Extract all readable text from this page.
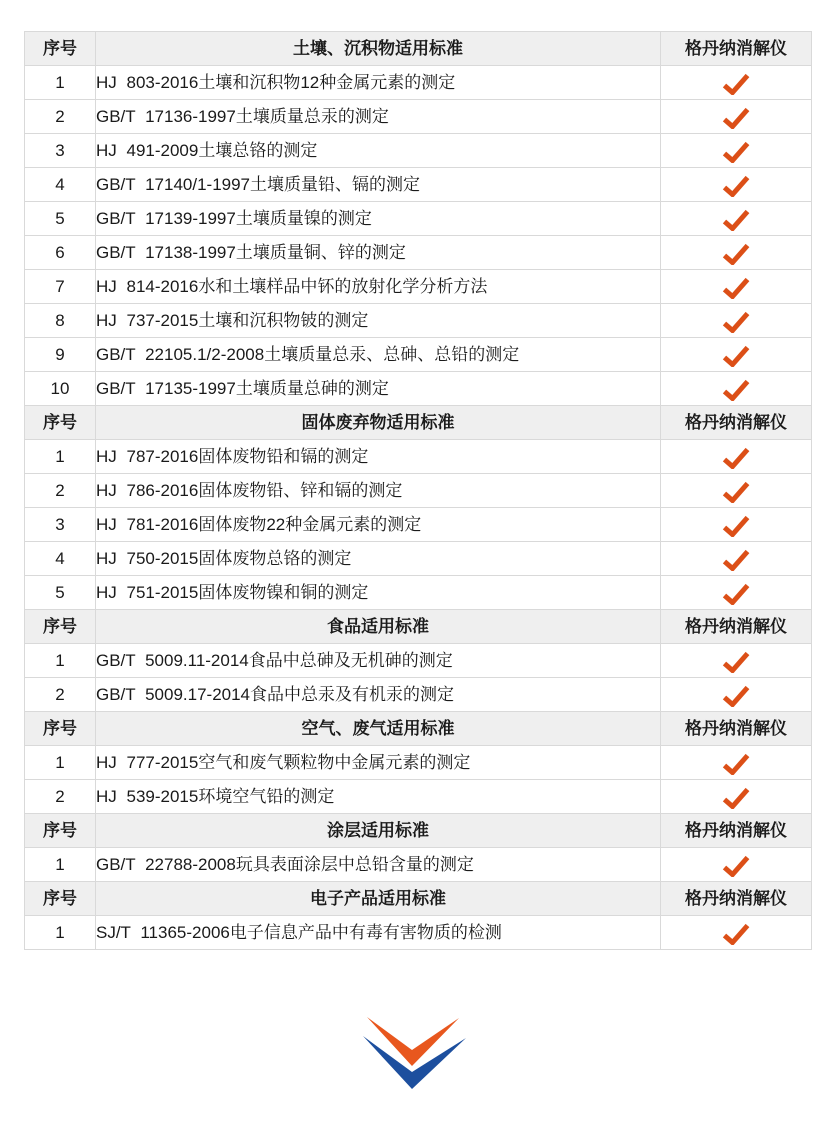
序号	土壤、沉积物适用标准	格丹纳消解仪
1	HJ 803-2016土壤和沉积物12种金属元素的测定	
2	GB/T 17136-1997土壤质量总汞的测定	
3	HJ 491-2009土壤总铬的测定	
4	GB/T 17140/1-1997土壤质量铅、镉的测定	
5	GB/T 17139-1997土壤质量镍的测定	
6	GB/T 17138-1997土壤质量铜、锌的测定	
7	HJ 814-2016水和土壤样品中钚的放射化学分析方法	
8	HJ 737-2015土壤和沉积物铍的测定	
9	GB/T 22105.1/2-2008土壤质量总汞、总砷、总铅的测定	
10	GB/T 17135-1997土壤质量总砷的测定	
序号	固体废弃物适用标准	格丹纳消解仪
1	HJ 787-2016固体废物铅和镉的测定	
2	HJ 786-2016固体废物铅、锌和镉的测定	
3	HJ 781-2016固体废物22种金属元素的测定	
4	HJ 750-2015固体废物总铬的测定	
5	HJ 751-2015固体废物镍和铜的测定	
序号	食品适用标准	格丹纳消解仪
1	GB/T 5009.11-2014食品中总砷及无机砷的测定	
2	GB/T 5009.17-2014食品中总汞及有机汞的测定	
序号	空气、废气适用标准	格丹纳消解仪
1	HJ 777-2015空气和废气颗粒物中金属元素的测定	
2	HJ 539-2015环境空气铅的测定	
序号	涂层适用标准	格丹纳消解仪
1	GB/T 22788-2008玩具表面涂层中总铅含量的测定	
序号	电子产品适用标准	格丹纳消解仪
1	SJ/T 11365-2006电子信息产品中有毒有害物质的检测	
